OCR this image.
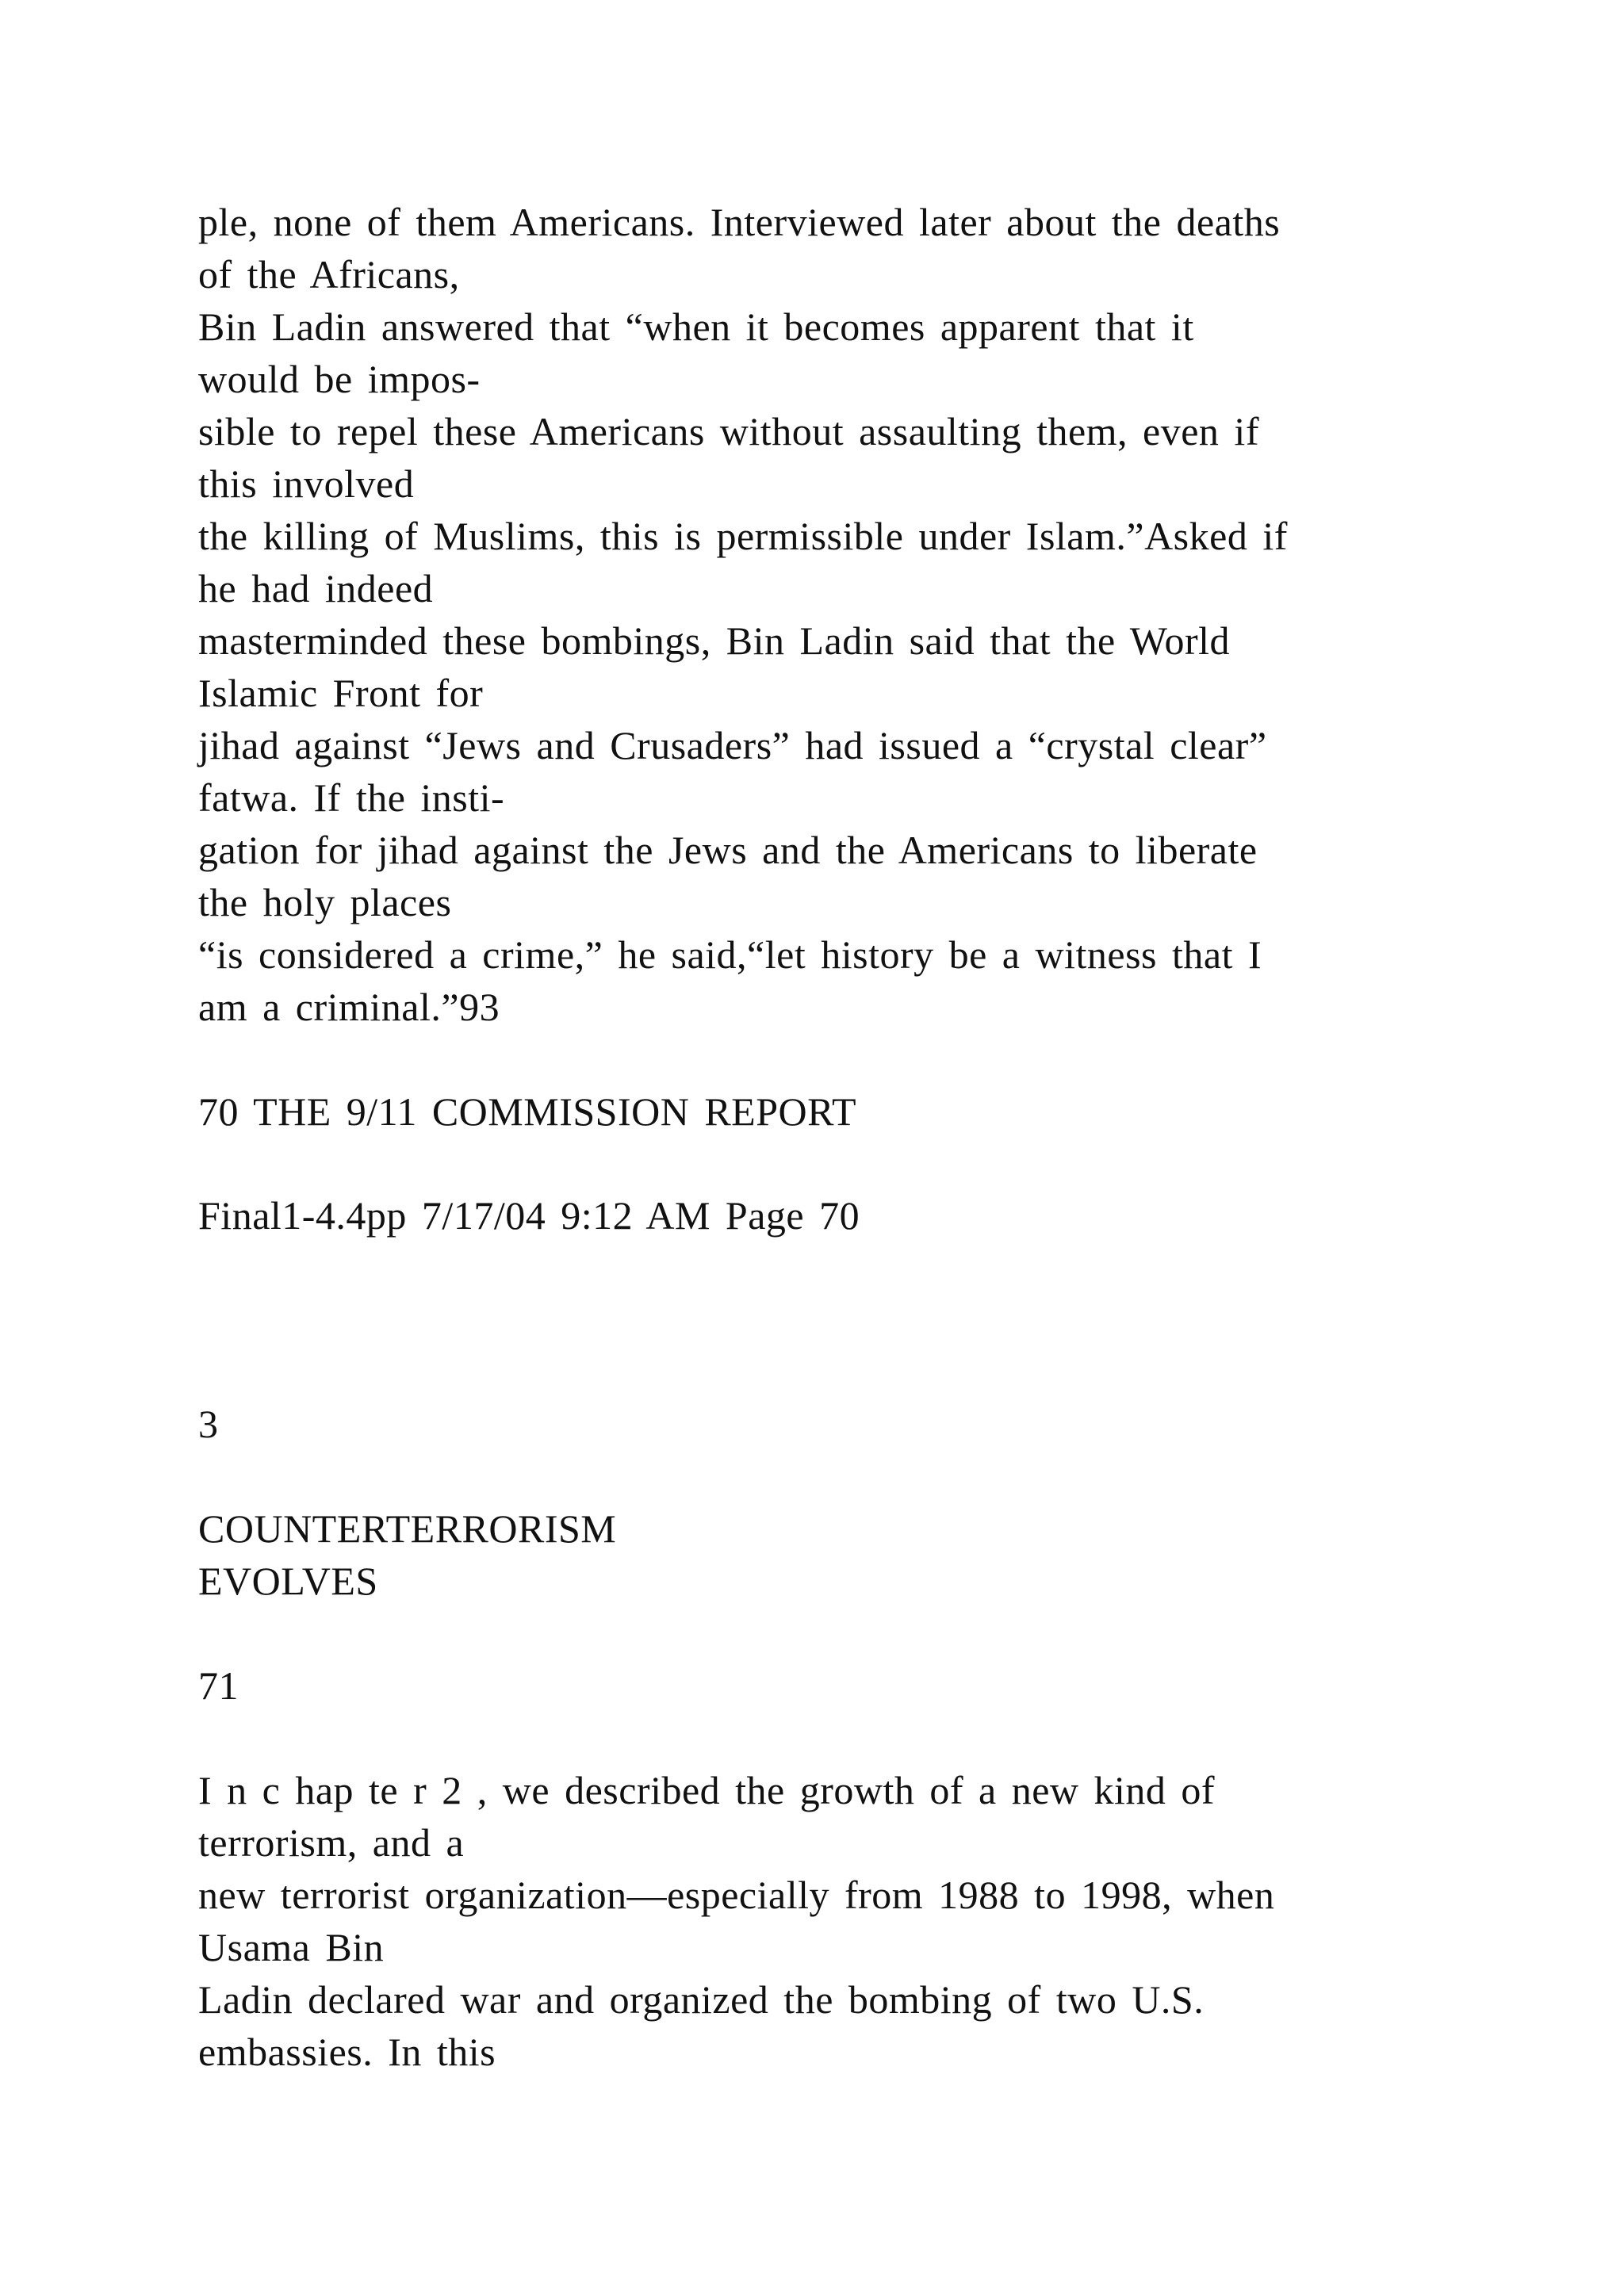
ple, none of them Americans. Interviewed later about the deaths

of the Africans,

Bin Ladin answered that “when it becomes apparent that it

would be impos-

sible to repel these Americans without assaulting them, even if

this involved

the killing of Muslims, this is permissible under Islam.”Asked if

he had indeed

masterminded these bombings, Bin Ladin said that the World

Islamic Front for

jihad against “Jews and Crusaders” had issued a “crystal clear”

fatwa. If the insti-

gation for jihad against the Jews and the Americans to liberate

the holy places

“is considered a crime,” he said,“let history be a witness that I

am a criminal.”93

70 THE 9/11 COMMISSION REPORT

Final1-4.4pp 7/17/04 9:12 AM Page 70

3

COUNTERTERRORISM

EVOLVES

71

I n c hap te r 2 , we described the growth of a new kind of

terrorism, and a

new terrorist organization—especially from 1988 to 1998, when

Usama Bin

Ladin declared war and organized the bombing of two U.S.

embassies. In this
